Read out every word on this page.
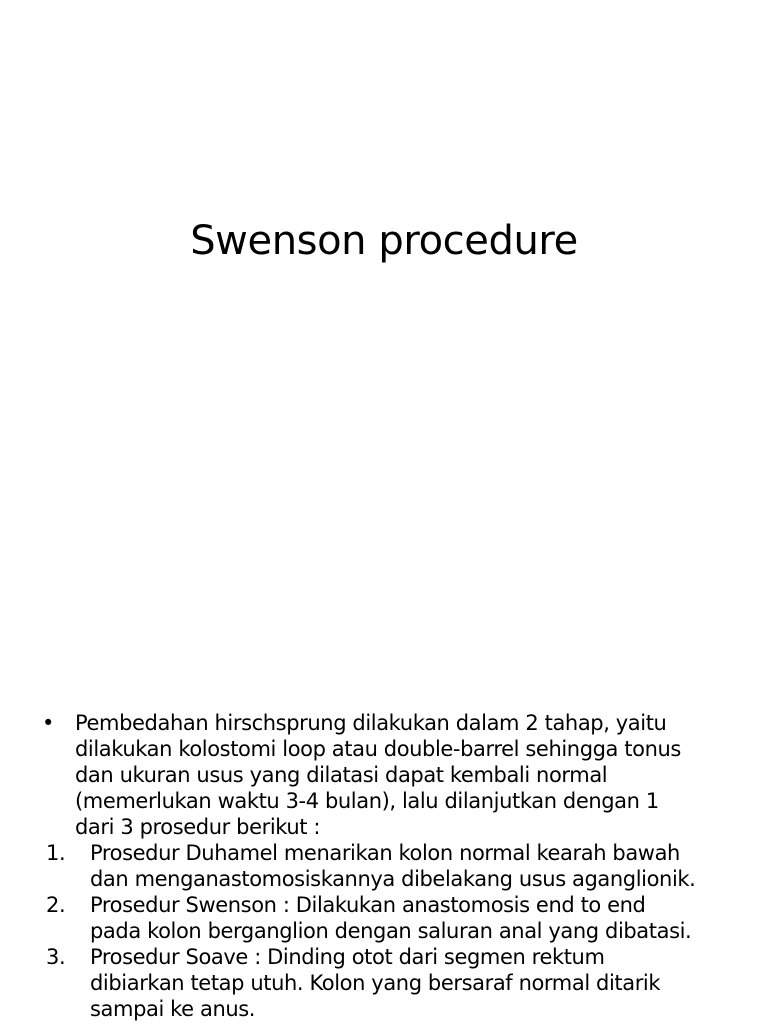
Swenson procedure
• Pembedahan hirschsprung dilakukan dalam 2 tahap, yaitu
dilakukan kolostomi loop atau double-barrel sehingga tonus
dan ukuran usus yang dilatasi dapat kembali normal
(memerlukan waktu 3-4 bulan), lalu dilanjutkan dengan 1
dari 3 prosedur berikut :
1. Prosedur Duhamel menarikan kolon normal kearah bawah
dan menganastomosiskannya dibelakang usus aganglionik.
2. Prosedur Swenson : Dilakukan anastomosis end to end
pada kolon berganglion dengan saluran anal yang dibatasi.
3. Prosedur Soave : Dinding otot dari segmen rektum
dibiarkan tetap utuh. Kolon yang bersaraf normal ditarik
sampai ke anus.
